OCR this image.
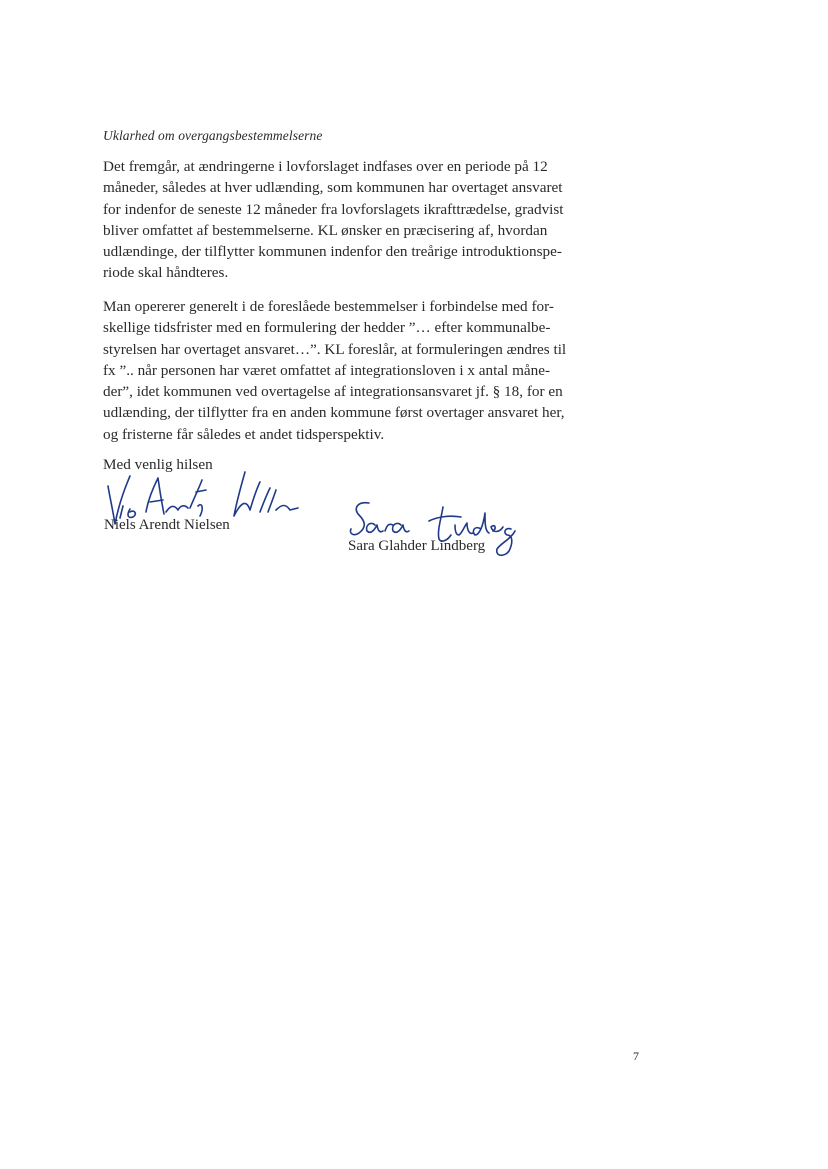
Uklarhed om overgangsbestemmelserne

Det fremgår, at ændringerne i lovforslaget indfases over en periode på 12
måneder, således at hver udlænding, som kommunen har overtaget ansvaret
for indenfor de seneste 12 måneder fra lovforslagets ikrafttrædelse, gradvist
bliver omfattet af bestemmelserne. KL ønsker en præcisering af, hvordan
udlændinge, der tilflytter kommunen indenfor den treårige introduktionspe-
riode skal håndteres.

Man opererer generelt i de foreslåede bestemmelser i forbindelse med for-
skellige tidsfrister med en formulering der hedder ”… efter kommunalbe-
styrelsen har overtaget ansvaret…”. KL foreslår, at formuleringen ændres til
fx ”.. når personen har været omfattet af integrationsloven i x antal måne-
der”, idet kommunen ved overtagelse af integrationsansvaret jf. § 18, for en
udlænding, der tilflytter fra en anden kommune først overtager ansvaret her,
og fristerne får således et andet tidsperspektiv.

Med venlig hilsen

Niels Arendt Nielsen

Sara Glahder Lindberg

7
